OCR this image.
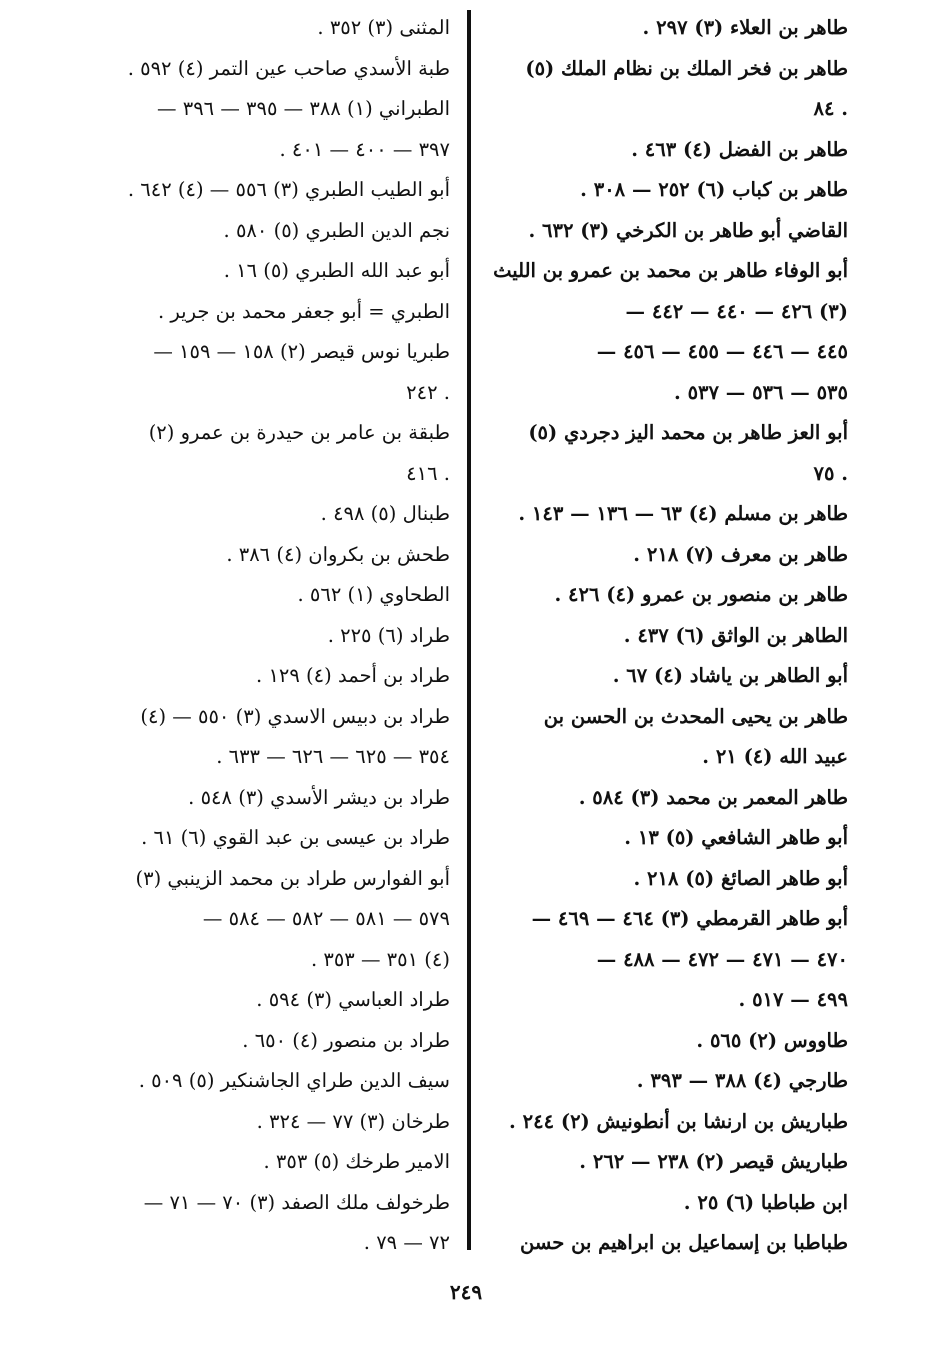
طاهر بن العلاء (٣) ٢٩٧ .
طاهر بن فخر الملك بن نظام الملك (٥)
. ٨٤
طاهر بن الفضل (٤) ٤٦٣ .
طاهر بن كباب (٦) ٢٥٢ — ٣٠٨ .
القاضي أبو طاهر بن الكرخي (٣) ٦٣٢ .
أبو الوفاء طاهر بن محمد بن عمرو بن الليث
(٣) ٤٢٦ — ٤٤٠ — ٤٤٢ —
٤٤٥ — ٤٤٦ — ٤٥٥ — ٤٥٦ —
٥٣٥ — ٥٣٦ — ٥٣٧ .
أبو العز طاهر بن محمد اليز دجردي (٥)
. ٧٥
طاهر بن مسلم (٤) ٦٣ — ١٣٦ — ١٤٣ .
طاهر بن معرف (٧) ٢١٨ .
طاهر بن منصور بن عمرو (٤) ٤٢٦ .
الطاهر بن الواثق (٦) ٤٣٧ .
أبو الطاهر بن ياشاد (٤) ٦٧ .
طاهر بن يحيى المحدث بن الحسن بن
عبيد الله (٤) ٢١ .
طاهر المعمر بن محمد (٣) ٥٨٤ .
أبو طاهر الشافعي (٥) ١٣ .
أبو طاهر الصائغ (٥) ٢١٨ .
أبو طاهر القرمطي (٣) ٤٦٤ — ٤٦٩ —
٤٧٠ — ٤٧١ — ٤٧٢ — ٤٨٨ —
٤٩٩ — ٥١٧ .
طاووس (٢) ٥٦٥ .
طارجي (٤) ٣٨٨ — ٣٩٣ .
طباريش بن ارنشا بن أنطونيش (٢) ٢٤٤ .
طباريش قيصر (٢) ٢٣٨ — ٢٦٢ .
ابن طباطبا (٦) ٢٥ .
طباطبا بن إسماعيل بن ابراهيم بن حسن
المثنى (٣) ٣٥٢ .
طبة الأسدي صاحب عين التمر (٤) ٥٩٢ .
الطبراني (١) ٣٨٨ — ٣٩٥ — ٣٩٦ —
٣٩٧ — ٤٠٠ — ٤٠١ .
أبو الطيب الطبري (٣) ٥٥٦ — (٤) ٦٤٢ .
نجم الدين الطبري (٥) ٥٨٠ .
أبو عبد الله الطبري (٥) ١٦ .
الطبري = أبو جعفر محمد بن جرير .
طبريا نوس قيصر (٢) ١٥٨ — ١٥٩ —
. ٢٤٢
طبقة بن عامر بن حيدرة بن عمرو (٢)
. ٤١٦
طبنال (٥) ٤٩٨ .
طحش بن بكروان (٤) ٣٨٦ .
الطحاوي (١) ٥٦٢ .
طراد (٦) ٢٢٥ .
طراد بن أحمد (٤) ١٢٩ .
طراد بن دبيس الاسدي (٣) ٥٥٠ — (٤)
٣٥٤ — ٦٢٥ — ٦٢٦ — ٦٣٣ .
طراد بن ديشر الأسدي (٣) ٥٤٨ .
طراد بن عيسى بن عبد القوي (٦) ٦١ .
أبو الفوارس طراد بن محمد الزينبي (٣)
٥٧٩ — ٥٨١ — ٥٨٢ — ٥٨٤ —
(٤) ٣٥١ — ٣٥٣ .
طراد العباسي (٣) ٥٩٤ .
طراد بن منصور (٤) ٦٥٠ .
سيف الدين طراي الجاشنكير (٥) ٥٠٩ .
طرخان (٣) ٧٧ — ٣٢٤ .
الامير طرخك (٥) ٣٥٣ .
طرخولف ملك الصفد (٣) ٧٠ — ٧١ —
٧٢ — ٧٩ .
٢٤٩
